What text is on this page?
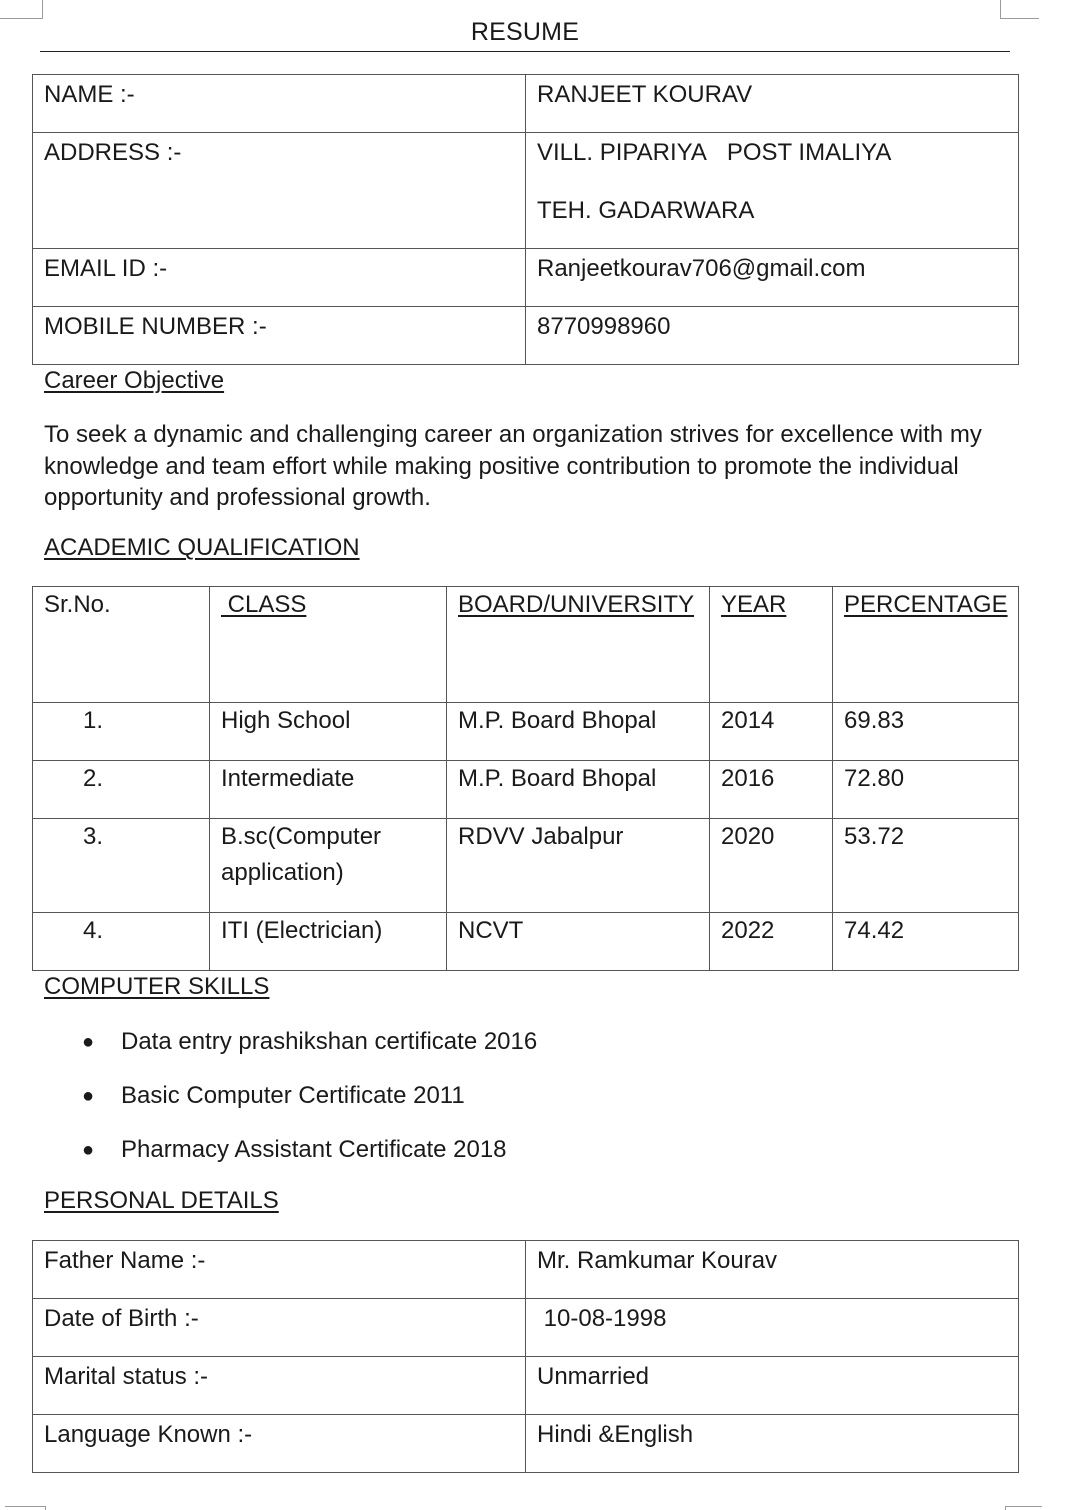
RESUME
NAME :-	RANJEET KOURAV

ADDRESS :-	VILL. PIPARIYA   POST IMALIYA
TEH. GADARWARA

EMAIL ID :-	Ranjeetkourav706@gmail.com

MOBILE NUMBER :-	8770998960
Career Objective
To seek a dynamic and challenging career an organization strives for excellence with my knowledge and team effort while making positive contribution to promote the individual opportunity and professional growth.
ACADEMIC QUALIFICATION
Sr.No.	CLASS	BOARD/UNIVERSITY	YEAR	PERCENTAGE

1.	High School	M.P. Board Bhopal	2014	69.83

2.	Intermediate	M.P. Board Bhopal	2016	72.80

3.	B.sc(Computer application)	RDVV Jabalpur	2020	53.72

4.	ITI (Electrician)	NCVT	2022	74.42
COMPUTER SKILLS
●	Data entry prashikshan certificate 2016
●	Basic Computer Certificate 2011
●	Pharmacy Assistant Certificate 2018
PERSONAL DETAILS
Father Name :-	Mr. Ramkumar Kourav

Date of Birth :-	10-08-1998

Marital status :-	Unmarried

Language Known :-	Hindi &English
